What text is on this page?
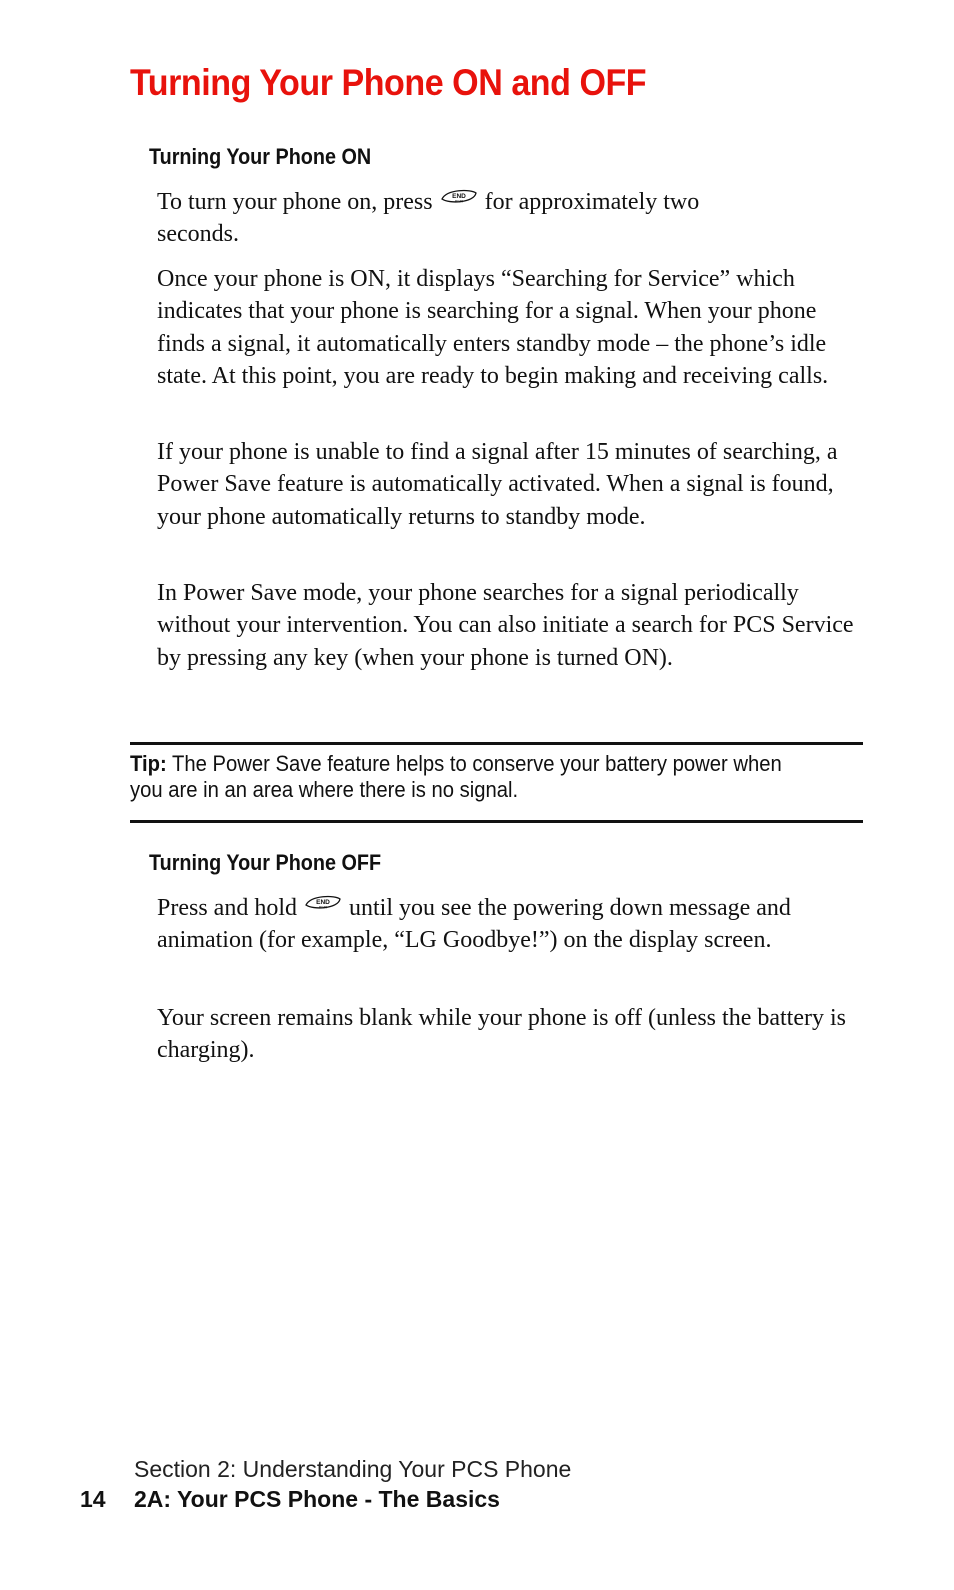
Turning Your Phone ON and OFF
Turning Your Phone ON
To turn your phone on, press	END
PWR for approximately two seconds.
Once your phone is ON, it displays “Searching for Service” which indicates that your phone is searching for a signal. When your phone finds a signal, it automatically enters standby mode – the phone’s idle state. At this point, you are ready to begin making and receiving calls.
If your phone is unable to find a signal after 15 minutes of searching, a Power Save feature is automatically activated. When a signal is found, your phone automatically returns to standby mode.
In Power Save mode, your phone searches for a signal periodically without your intervention. You can also initiate a search for PCS Service by pressing any key (when your phone is turned ON).
Tip: The Power Save feature helps to conserve your battery power when you are in an area where there is no signal.
Turning Your Phone OFF
Press and hold	END
PWR until you see the powering down message and animation (for example, “LG Goodbye!”) on the display screen.
Your screen remains blank while your phone is off (unless the battery is charging).
Section 2: Understanding Your PCS Phone
14 2A: Your PCS Phone - The Basics
